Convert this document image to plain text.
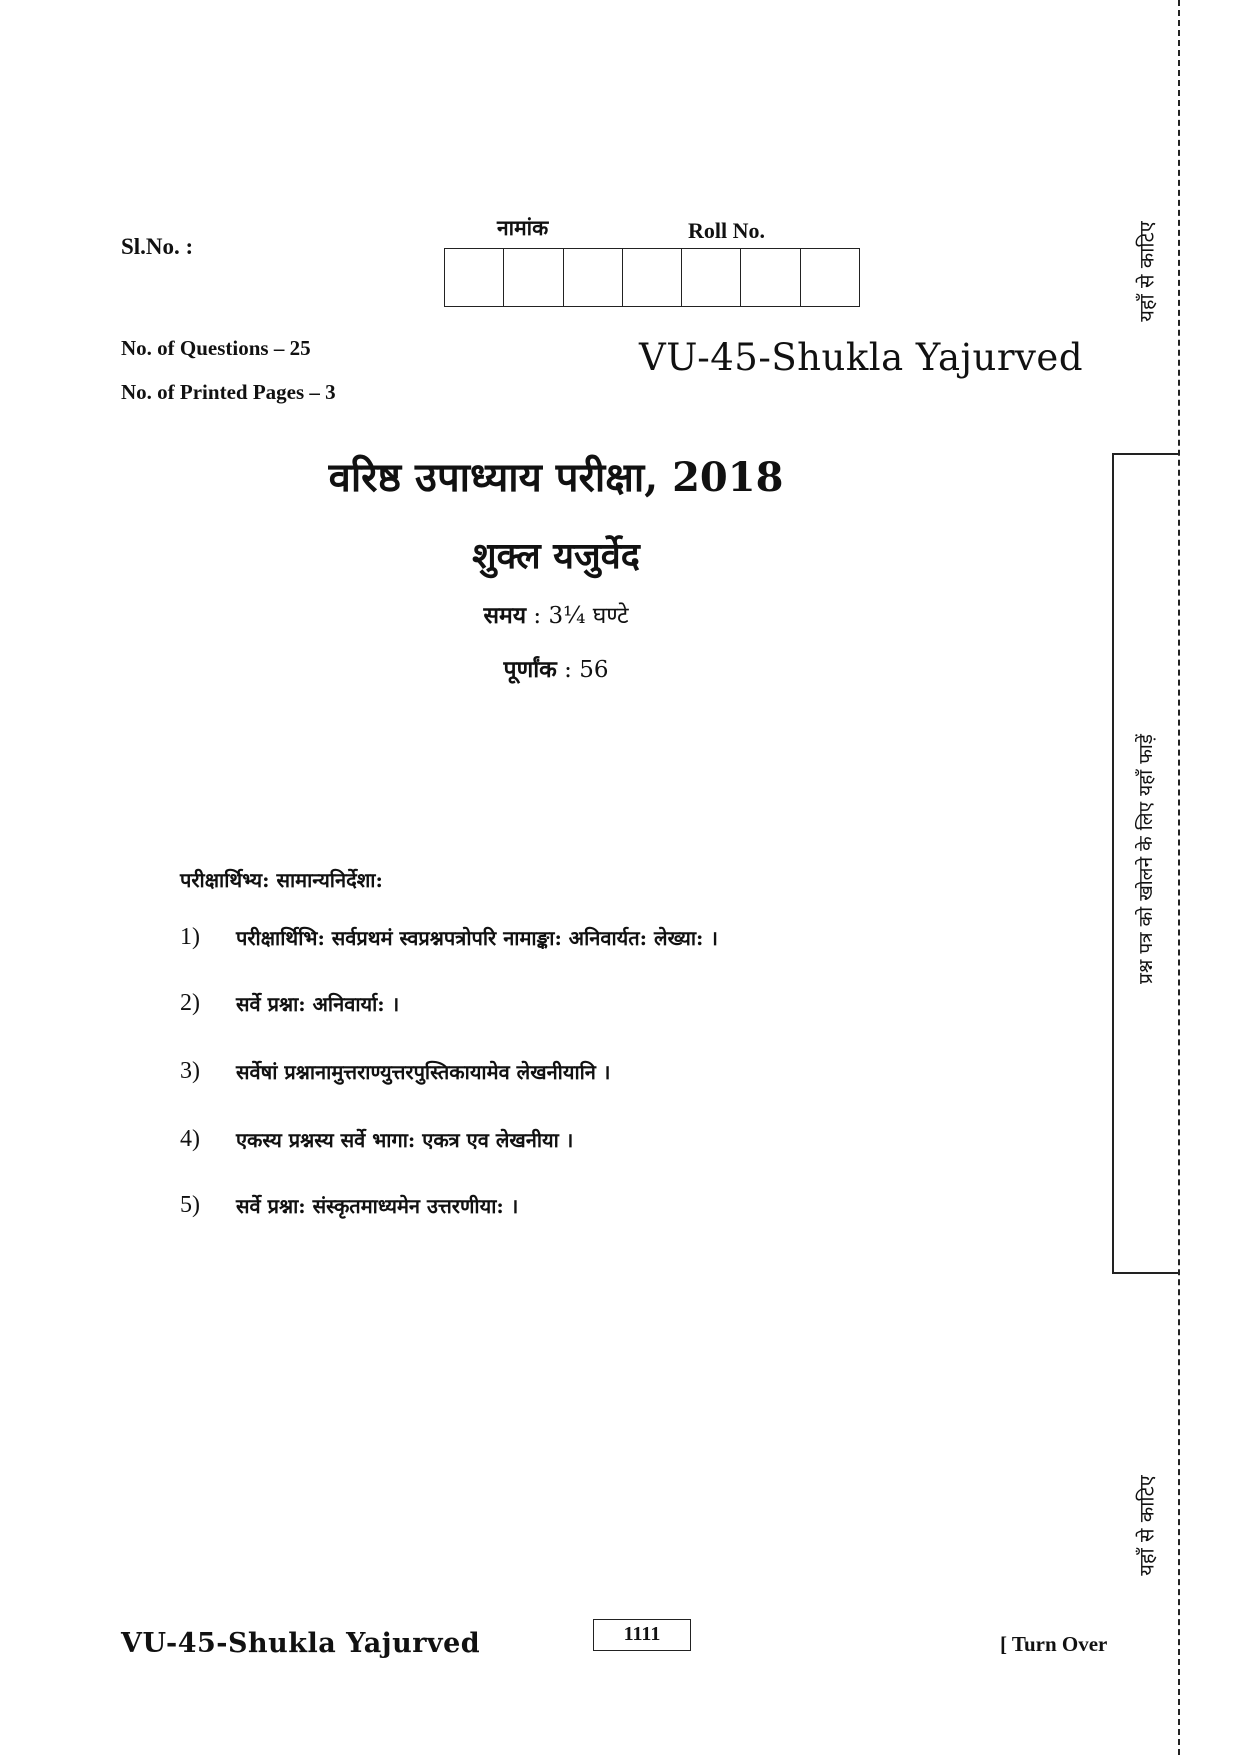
Sl.No. :
नामांक	Roll No.
No. of Questions – 25
No. of Printed Pages – 3
VU-45-Shukla Yajurved
वरिष्ठ उपाध्याय परीक्षा, 2018
शुक्ल यजुर्वेद
समय : 3¼ घण्टे
पूर्णांक : 56
परीक्षार्थिभ्य: सामान्यनिर्देशा:
1)	परीक्षार्थिभि: सर्वप्रथमं स्वप्रश्नपत्रोपरि नामाङ्का: अनिवार्यत: लेख्या: ।
2)	सर्वे प्रश्ना: अनिवार्या: ।
3)	सर्वेषां प्रश्नानामुत्तराण्युत्तरपुस्तिकायामेव लेखनीयानि ।
4)	एकस्य प्रश्नस्य सर्वे भागा: एकत्र एव लेखनीया ।
5)	सर्वे प्रश्ना: संस्कृतमाध्यमेन उत्तरणीया: ।
यहाँ से काटिए
प्रश्न पत्र को खोलने के लिए यहाँ फाड़ें
यहाँ से काटिए
VU-45-Shukla Yajurved	1111	[ Turn Over
